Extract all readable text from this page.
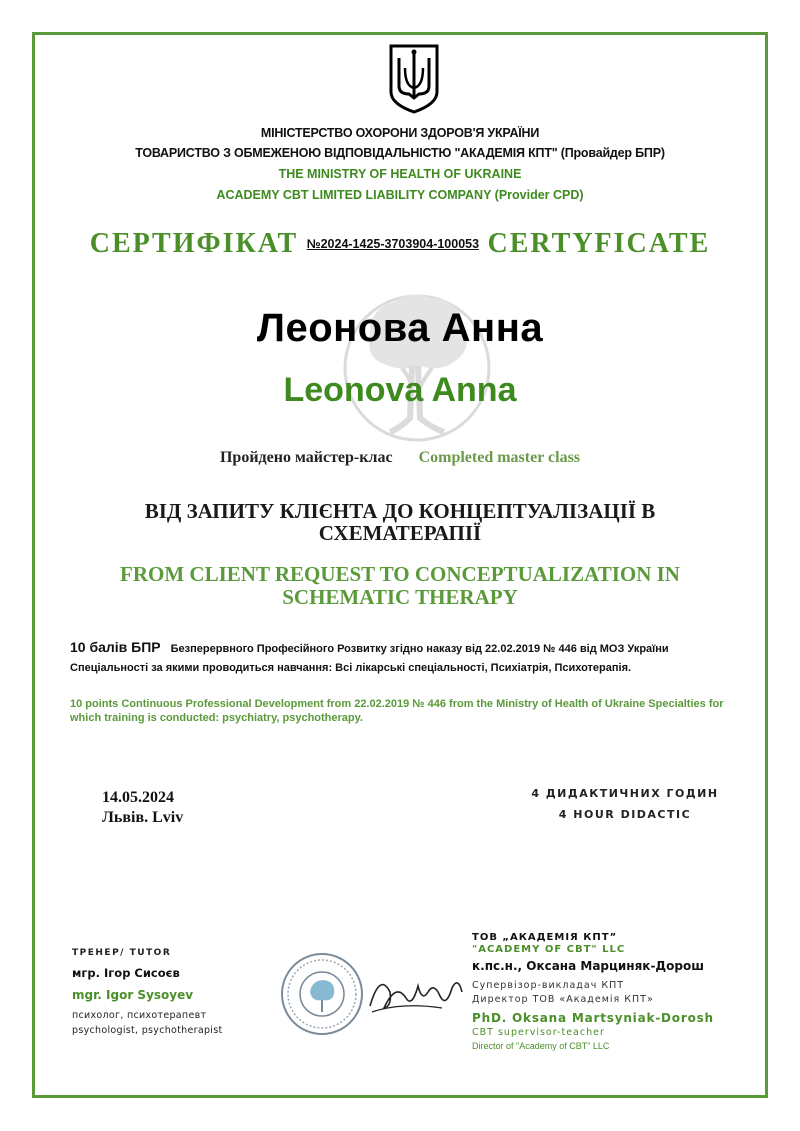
МІНІСТЕРСТВО ОХОРОНИ ЗДОРОВ'Я УКРАЇНИ
ТОВАРИСТВО З ОБМЕЖЕНОЮ ВІДПОВІДАЛЬНІСТЮ "АКАДЕМІЯ КПТ" (Провайдер БПР)
THE MINISTRY OF HEALTH OF UKRAINE
ACADEMY CBT LIMITED LIABILITY COMPANY (Provider CPD)
СЕРТИФІКАТ №2024-1425-3703904-100053 CERTYFICATE
Леонова Анна
Leonova Anna
Пройдено майстер-клас Completed master class
ВІД ЗАПИТУ КЛІЄНТА ДО КОНЦЕПТУАЛІЗАЦІЇ В СХЕМАТЕРАПІЇ
FROM CLIENT REQUEST TO CONCEPTUALIZATION IN SCHEMATIC THERAPY
10 балів БПР Безперервного Професійного Розвитку згідно наказу від 22.02.2019 № 446 від МОЗ України
Спеціальності за якими проводиться навчання: Всі лікарські спеціальності, Психіатрія, Психотерапія.
10 points Continuous Professional Development from 22.02.2019 № 446 from the Ministry of Health of Ukraine Specialties for which training is conducted: psychiatry, psychotherapy.
14.05.2024
Львів. Lviv
4 ДИДАКТИЧНИХ ГОДИН
4 HOUR DIDACTIC
ТРЕНЕР/ TUTOR
мгр. Ігор Сисоєв
mgr. Igor Sysoyev
психолог, психотерапевт
psychologist, psychotherapist
ТОВ „АКАДЕМІЯ КПТ”
"ACADEMY OF CBT" LLC
к.пс.н., Оксана Марциняк-Дорош
Супервізор-викладач КПТ
Директор ТОВ «Академія КПТ»
PhD. Oksana Martsyniak-Dorosh
CBT supervisor-teacher
Director of "Academy of CBT" LLC
